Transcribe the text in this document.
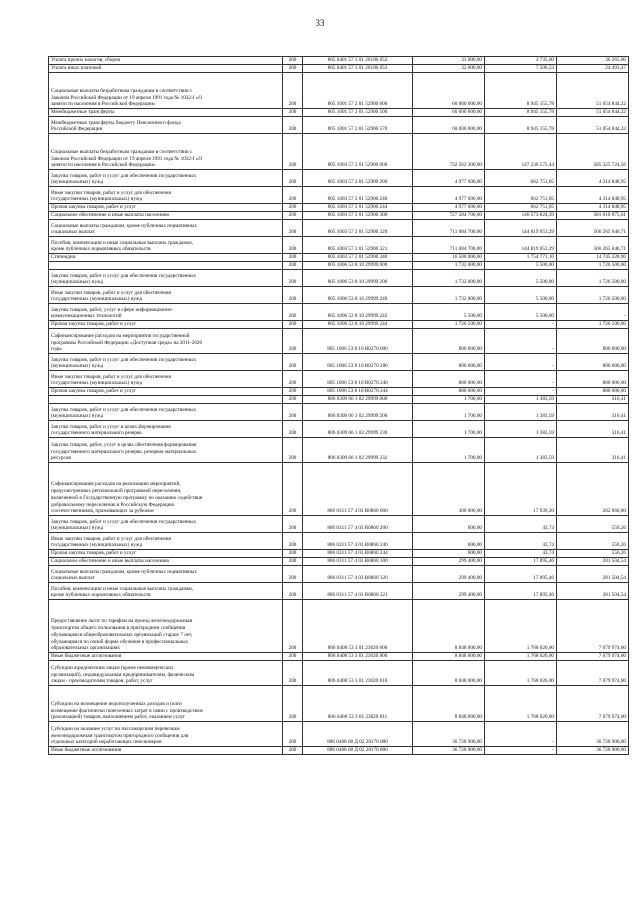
33
Уплата прочих налогов, сборов	200	805 0401 57 3 01 20190 852	33 000,00	2 735,00	30 265,00

Уплата иных платежей	200	805 0401 57 3 01 20190 853	32 000,00	7 506,53	24 493,47

Социальные выплаты безработным гражданам в соответствии с
Законом Российской Федерации от 19 апреля 1991 года № 1032-I «О
занятости населения в Российской Федерации»	200	805 1001 57 2 01 52900 000	60 000 000,00	8 945 155,78	51 054 844,22

Межбюджетные трансферты	200	805 1001 57 2 01 52900 500	60 000 000,00	8 945 155,78	51 054 844,22

Межбюджетные трансферты бюджету Пенсионного фонда
Российской Федерации	200	805 1001 57 2 01 52900 570	60 000 000,00	8 945 155,78	51 054 844,22

Социальные выплаты безработным гражданам в соответствии с
Законом Российской Федерации от 19 апреля 1991 года № 1032-I «О
занятости населения в Российской Федерации»	200	805 1003 57 2 01 52900 000	732 562 300,00	147 236 575,44	585 325 724,56

Закупка товаров, работ и услуг для обеспечения государственных
(муниципальных) нужд	200	805 1003 57 2 01 52900 200	4 977 600,00	662 751,05	4 314 848,95

Иные закупки товаров, работ и услуг для обеспечения
государственных (муниципальных) нужд	200	805 1003 57 2 01 52900 240	4 977 600,00	662 751,05	4 314 848,95

Прочая закупка товаров, работ и услуг	200	805 1003 57 2 01 52900 244	4 977 600,00	662 751,05	4 314 848,95

Социальное обеспечение и иные выплаты населению	200	805 1003 57 2 01 52900 300	727 584 700,00	146 573 824,39	581 010 875,61

Социальные выплаты гражданам, кроме публичных нормативных
социальных выплат	200	805 1003 57 2 01 52900 320	711 084 700,00	144 819 053,29	566 265 646,71

Пособия, компенсации и иные социальные выплаты гражданам,
кроме публичных нормативных обязательств	200	805 1003 57 2 01 52900 321	711 084 700,00	144 819 053,29	566 265 646,71

Стипендии	200	805 1003 57 2 01 52900 340	16 500 000,00	1 754 771,10	14 745 228,90

	200	805 1006 53 8 10 29999 000	1 732 000,00	5 500,00	1 726 500,00

Закупка товаров, работ и услуг для обеспечения государственных
(муниципальных) нужд	200	805 1006 53 8 10 29999 200	1 732 000,00	5 500,00	1 726 500,00

Иные закупки товаров, работ и услуг для обеспечения
государственных (муниципальных) нужд	200	805 1006 53 8 10 29999 240	1 732 000,00	5 500,00	1 726 500,00

Закупка товаров, работ, услуг в сфере информационно-
коммуникационных технологий	200	805 1006 53 8 10 29999 242	5 500,00	5 500,00	-

Прочая закупка товаров, работ и услуг	200	805 1006 53 8 10 29999 244	1 726 500,00	-	1 726 500,00

Софинансирование расходов на мероприятия государственной
программы Российской Федерации «Доступная среда» на 2011-2020
годы	200	805 1006 53 8 10 R0270 000	800 000,00	-	800 000,00

Закупка товаров, работ и услуг для обеспечения государственных
(муниципальных) нужд	200	805 1006 53 8 10 R0270 200	800 000,00	-	800 000,00

Иные закупки товаров, работ и услуг для обеспечения
государственных (муниципальных) нужд	200	805 1006 53 8 10 R0270 240	800 000,00	-	800 000,00

Прочая закупка товаров, работ и услуг	200	805 1006 53 8 10 R0270 244	800 000,00	-	800 000,00

	200	806 0309 66 1 02 29999 000	1 700,00	1 383,59	316,41

Закупка товаров, работ и услуг для обеспечения государственных
(муниципальных) нужд	200	806 0309 66 1 02 29999 200	1 700,00	1 383,59	316,41

Закупка товаров, работ и услуг в целях формирования
государственного материального резерва	200	806 0309 66 1 02 29999 230	1 700,00	1 383,59	316,41

Закупка товаров, работ, услуг в целях обеспечения формирования
государственного материального резерва, резервов материальных
ресурсов	200	806 0309 66 1 02 29999 232	1 700,00	1 383,59	316,41

Софинансирование расходов на реализацию мероприятий,
предусмотренных региональной программой переселения,
включенной в Государственную программу по оказанию содействия
добровольному переселению в Российскую Федерацию
соотечественников, проживающих за рубежом	200	806 0311 57 4 03 R0860 000	300 000,00	17 939,20	282 060,80

Закупка товаров, работ и услуг для обеспечения государственных
(муниципальных) нужд	200	806 0311 57 4 03 R0860 200	600,00	43,74	556,26

Иные закупки товаров, работ и услуг для обеспечения
государственных (муниципальных) нужд	200	806 0311 57 4 03 R0860 240	600,00	43,74	556,26

Прочая закупка товаров, работ и услуг	200	806 0311 57 4 03 R0860 244	600,00	43,74	556,26

Социальное обеспечение и иные выплаты населению	200	806 0311 57 4 03 R0860 300	299 400,00	17 895,46	281 504,54

Социальные выплаты гражданам, кроме публичных нормативных
социальных выплат	200	806 0311 57 4 03 R0860 320	299 400,00	17 895,46	281 504,54

Пособия, компенсации и иные социальные выплаты гражданам,
кроме публичных нормативных обязательств	200	806 0311 57 4 03 R0860 321	299 400,00	17 895,46	281 504,54

Предоставление льгот по тарифам на проезд железнодорожным
транспортом общего пользования в пригородном сообщении
обучающимся общеобразовательных организаций старше 7 лет,
обучающимся по очной форме обучения в профессиональных
образовательных организациях	200	806 0408 53 3 01 23020 000	8 848 000,00	1 768 026,00	7 079 974,00

Иные бюджетные ассигнования	200	806 0408 53 3 01 23020 800	8 848 000,00	1 768 026,00	7 079 974,00

Субсидии юридическим лицам (кроме некоммерческих
организаций), индивидуальным предпринимателям, физическим
лицам - производителям товаров, работ, услуг	200	806 0408 53 3 01 23020 810	8 848 000,00	1 768 026,00	7 079 974,00

Субсидии на возмещение недополученных доходов и (или)
возмещение фактически понесенных затрат в связи с производством
(реализацией) товаров, выполнением работ, оказанием услуг	200	806 0408 53 3 01 23020 811	8 848 000,00	1 768 026,00	7 079 974,00

Субсидии на оказание услуг по пассажирским перевозкам
железнодорожным транспортом пригородного сообщения для
отдельных категорий неработающих пенсионеров	200	806 0408 68 Д 02 28170 000	36 728 900,00	-	36 728 900,00

Иные бюджетные ассигнования	200	806 0408 68 Д 02 28170 800	36 728 900,00	-	36 728 900,00
